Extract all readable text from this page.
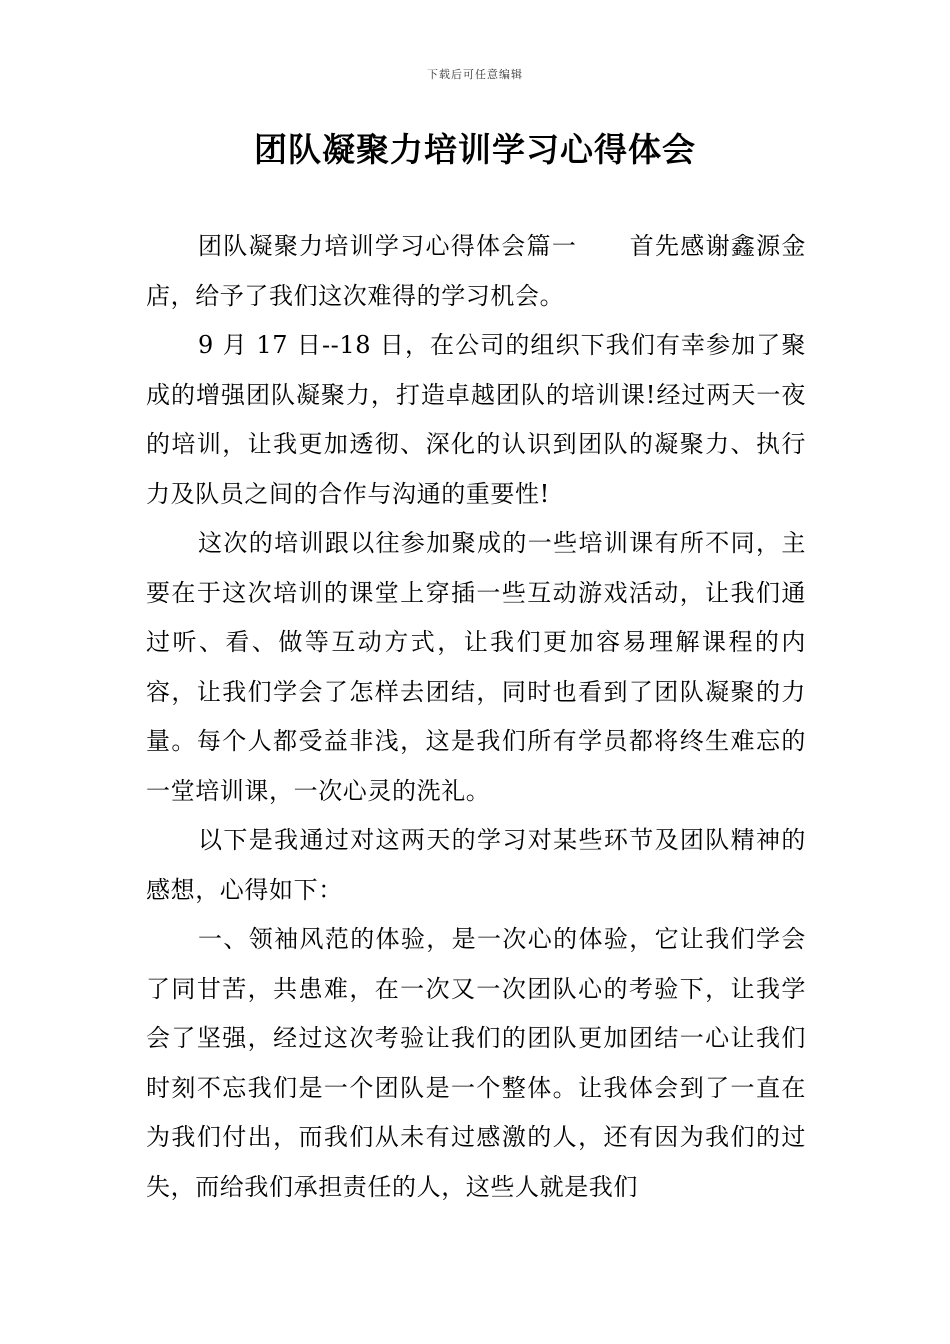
下载后可任意编辑
团队凝聚力培训学习心得体会

团队凝聚力培训学习心得体会篇一 首先感谢鑫源金店，给予了我们这次难得的学习机会。

9 月 17 日--18 日，在公司的组织下我们有幸参加了聚成的增强团队凝聚力，打造卓越团队的培训课!经过两天一夜的培训，让我更加透彻、深化的认识到团队的凝聚力、执行力及队员之间的合作与沟通的重要性!

这次的培训跟以往参加聚成的一些培训课有所不同，主要在于这次培训的课堂上穿插一些互动游戏活动，让我们通过听、看、做等互动方式，让我们更加容易理解课程的内容，让我们学会了怎样去团结，同时也看到了团队凝聚的力量。每个人都受益非浅，这是我们所有学员都将终生难忘的一堂培训课，一次心灵的洗礼。

以下是我通过对这两天的学习对某些环节及团队精神的感想，心得如下：

一、领袖风范的体验，是一次心的体验，它让我们学会了同甘苦，共患难，在一次又一次团队心的考验下，让我学会了坚强，经过这次考验让我们的团队更加团结一心让我们时刻不忘我们是一个团队是一个整体。让我体会到了一直在为我们付出，而我们从未有过感激的人，还有因为我们的过失，而给我们承担责任的人，这些人就是我们
